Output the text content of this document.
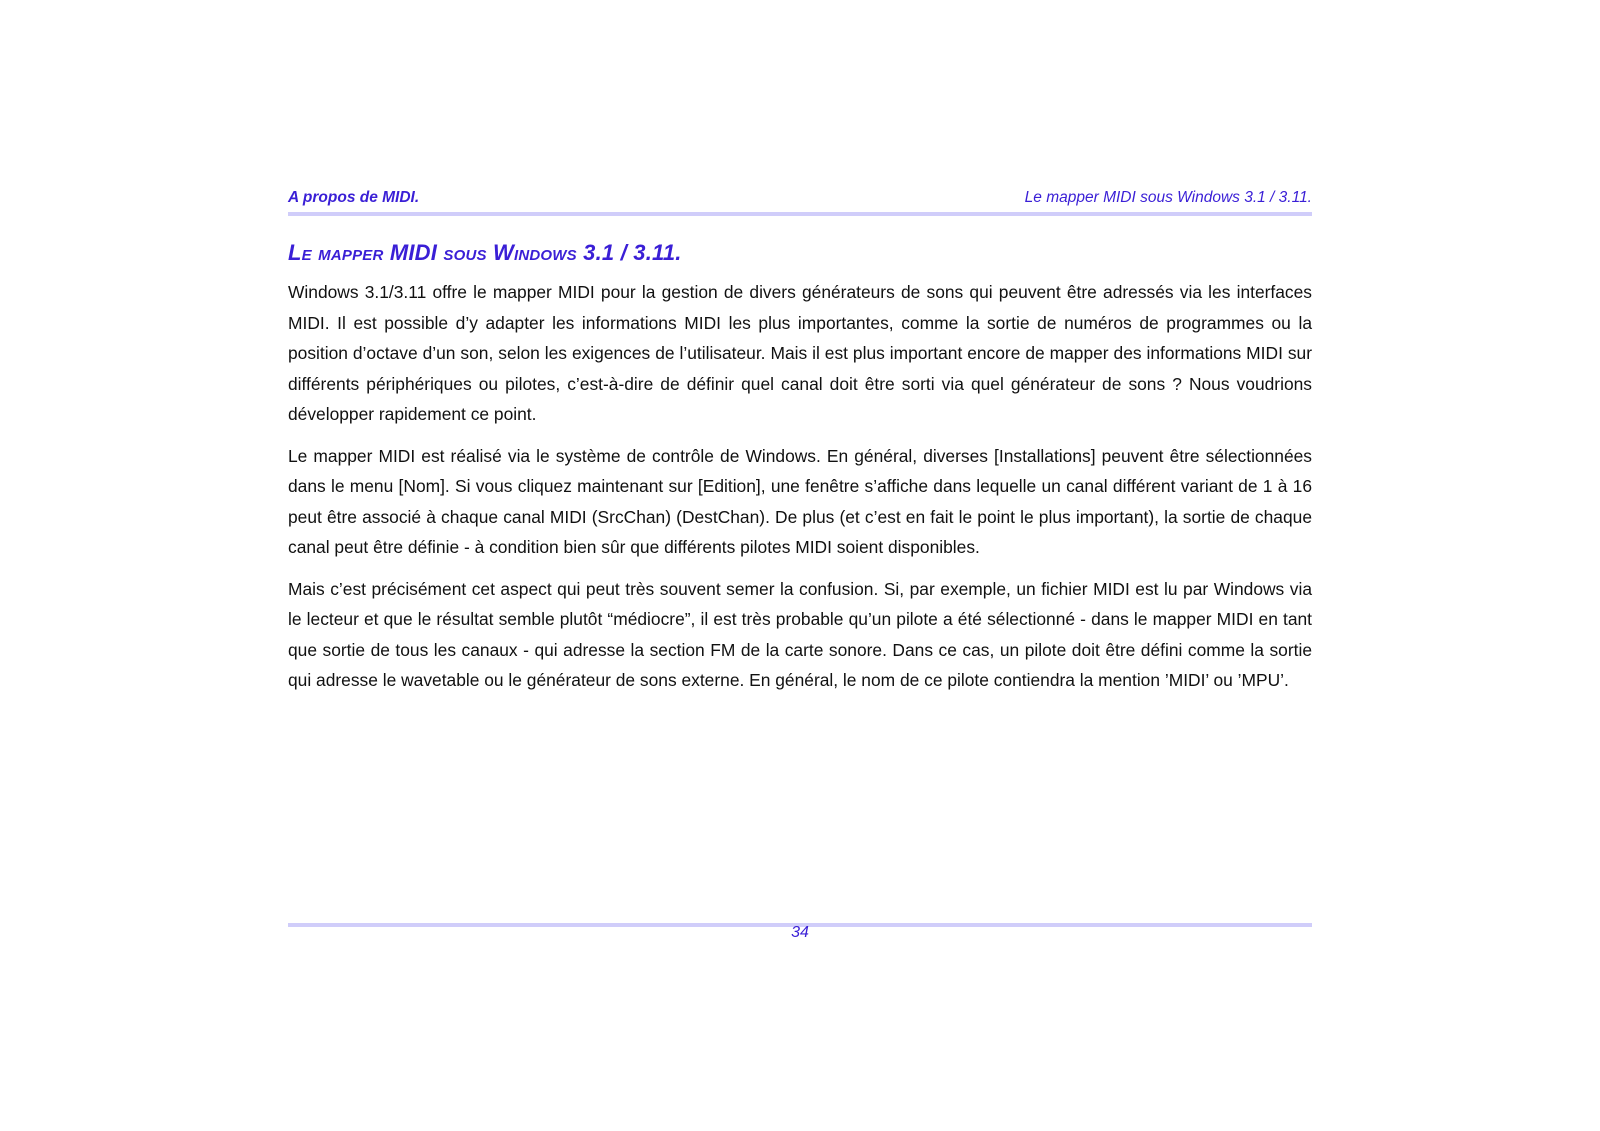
A propos de MIDI.	Le mapper MIDI sous Windows 3.1 / 3.11.
Le mapper MIDI sous Windows 3.1 / 3.11.

Windows 3.1/3.11 offre le mapper MIDI pour la gestion de divers générateurs de sons qui peuvent être adressés via les interfaces MIDI. Il est possible d’y adapter les informations MIDI les plus importantes, comme la sortie de numéros de programmes ou la position d’octave d’un son, selon les exigences de l’utilisateur. Mais il est plus important encore de mapper des informations MIDI sur différents périphériques ou pilotes, c’est-à-dire de définir quel canal doit être sorti via quel générateur de sons ? Nous voudrions développer rapidement ce point.

Le mapper MIDI est réalisé via le système de contrôle de Windows. En général, diverses [Installations] peuvent être sélectionnées dans le menu [Nom]. Si vous cliquez maintenant sur [Edition], une fenêtre s’affiche dans lequelle un canal différent variant de 1 à 16 peut être associé à chaque canal MIDI (SrcChan) (DestChan). De plus (et c’est en fait le point le plus important), la sortie de chaque canal peut être définie - à condition bien sûr que différents pilotes MIDI soient disponibles.

Mais c’est précisément cet aspect qui peut très souvent semer la confusion. Si, par exemple, un fichier MIDI est lu par Windows via le lecteur et que le résultat semble plutôt “médiocre”, il est très probable qu’un pilote a été sélectionné - dans le mapper MIDI en tant que sortie de tous les canaux - qui adresse la section FM de la carte sonore. Dans ce cas, un pilote doit être défini comme la sortie qui adresse le wavetable ou le générateur de sons externe. En général, le nom de ce pilote contiendra la mention ’MIDI’ ou ’MPU’.

34
